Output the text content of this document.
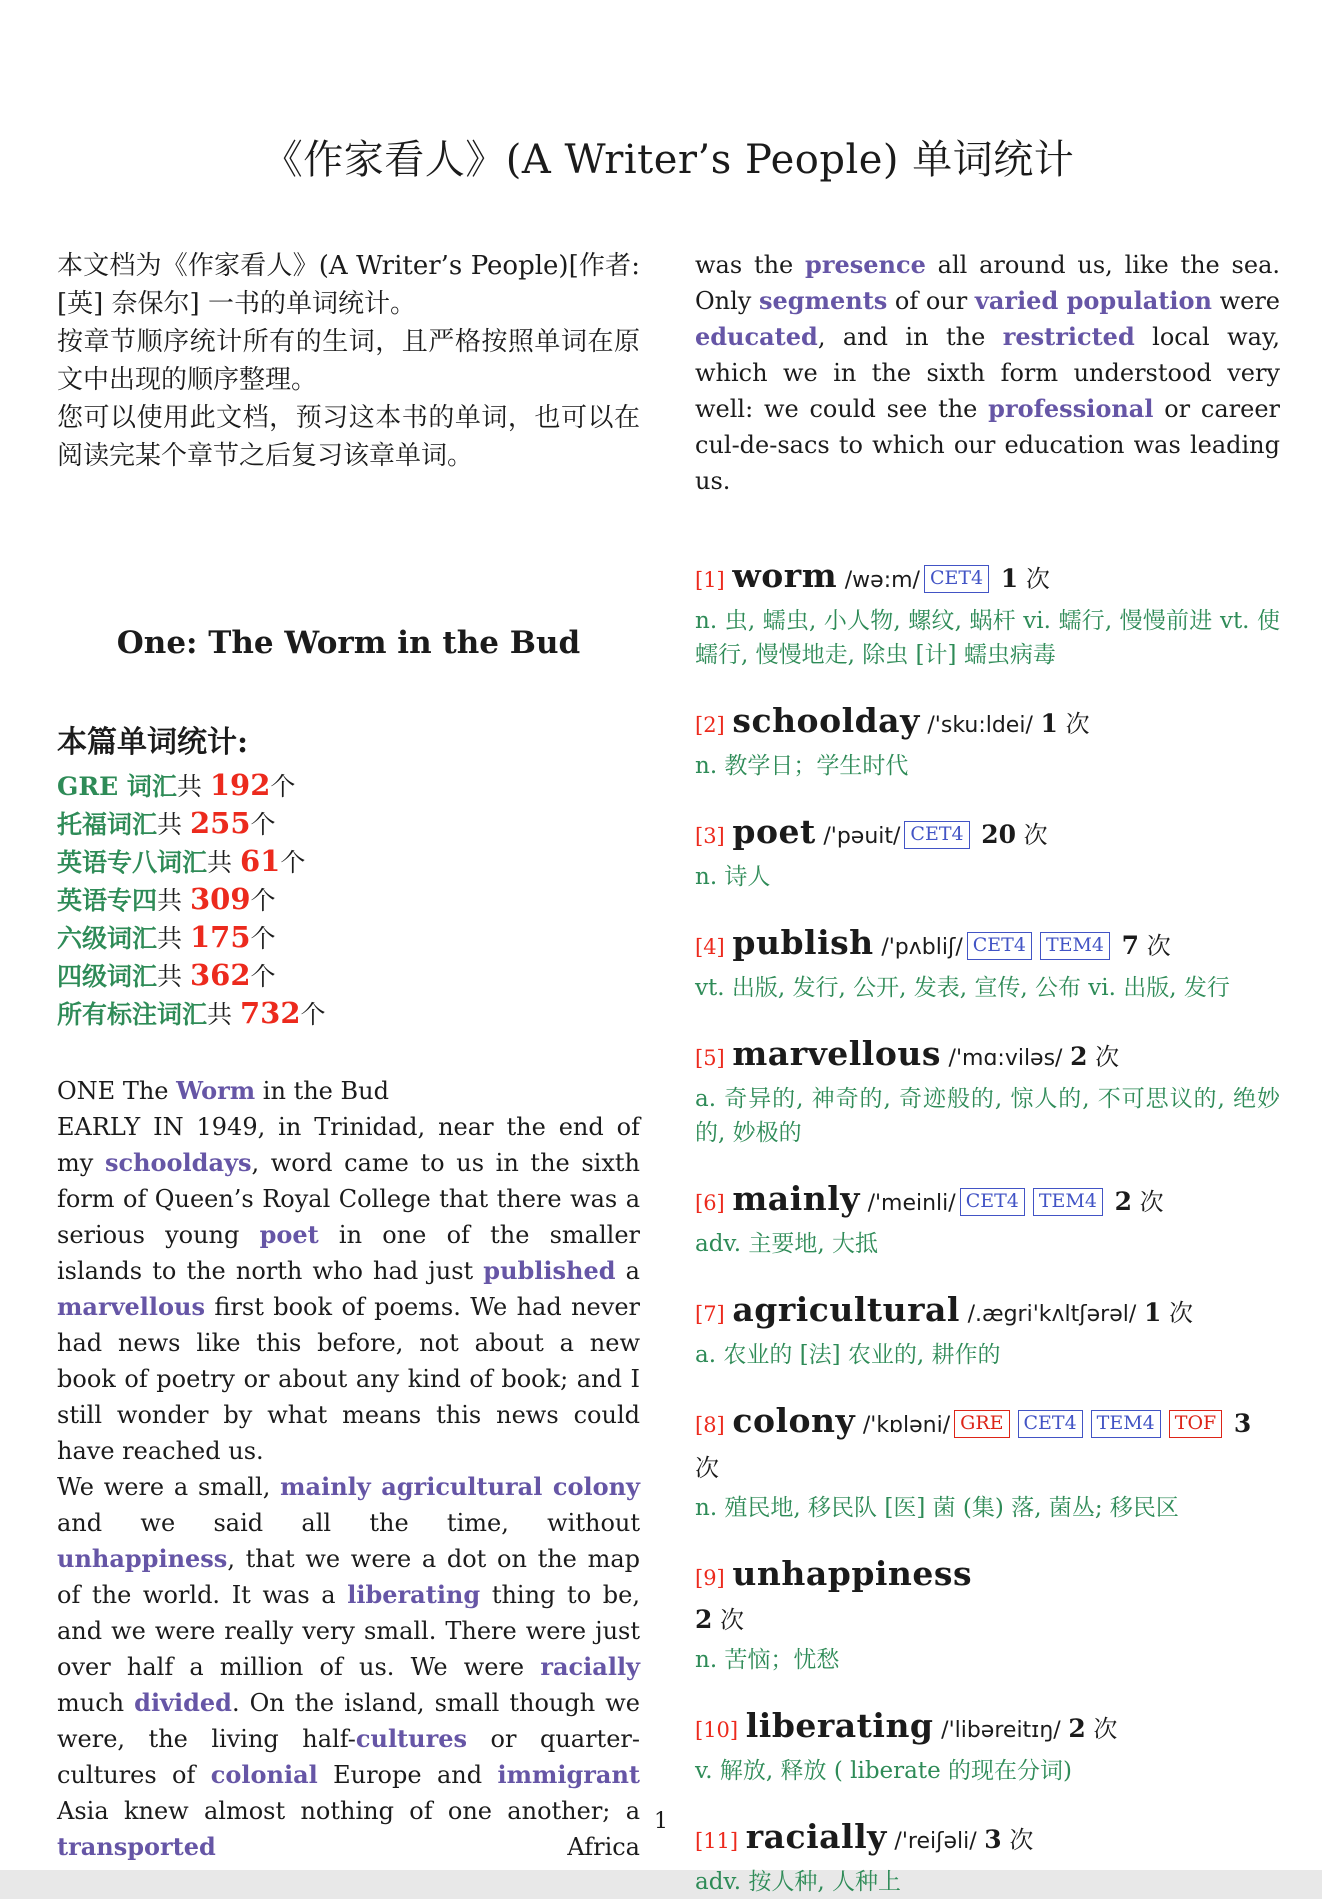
《作家看人》(A Writer’s People) 单词统计

本文档为《作家看人》(A Writer’s People)[作者: [英] 奈保尔] 一书的单词统计。

按章节顺序统计所有的生词，且严格按照单词在原文中出现的顺序整理。

您可以使用此文档，预习这本书的单词，也可以在阅读完某个章节之后复习该章单词。

One: The Worm in the Bud
本篇单词统计:
GRE 词汇共 192个
托福词汇共 255个
英语专八词汇共 61个
英语专四共 309个
六级词汇共 175个
四级词汇共 362个
所有标注词汇共 732个

ONE The Worm in the Bud

EARLY IN 1949, in Trinidad, near the end of my schooldays, word came to us in the sixth form of Queen’s Royal College that there was a serious young poet in one of the smaller islands to the north who had just published a marvellous first book of poems. We had never had news like this before, not about a new book of poetry or about any kind of book; and I still wonder by what means this news could have reached us.

We were a small, mainly agricultural colony and we said all the time, without unhappiness, that we were a dot on the map of the world. It was a liberating thing to be, and we were really very small. There were just over half a million of us. We were racially much divided. On the island, small though we were, the living half-cultures or quarter-cultures of colonial Europe and immigrant Asia knew almost nothing of one another; a transported Africa

was the presence all around us, like the sea. Only segments of our varied population were educated, and in the restricted local way, which we in the sixth form understood very well: we could see the professional or career cul-de-sacs to which our education was leading us.

[1] worm /wə:m/ CET4 1 次
n. 虫, 蠕虫, 小人物, 螺纹, 蜗杆 vi. 蠕行, 慢慢前进 vt. 使蠕行, 慢慢地走, 除虫 [计] 蠕虫病毒
[2] schoolday /'sku:ldei/ 1 次
n. 教学日；学生时代
[3] poet /'pəuit/ CET4 20 次
n. 诗人
[4] publish /'pʌbliʃ/ CET4 TEM4 7 次
vt. 出版, 发行, 公开, 发表, 宣传, 公布 vi. 出版, 发行
[5] marvellous /'mɑ:viləs/ 2 次
a. 奇异的, 神奇的, 奇迹般的, 惊人的, 不可思议的, 绝妙的, 妙极的
[6] mainly /'meinli/ CET4 TEM4 2 次
adv. 主要地, 大抵
[7] agricultural /.ægri'kʌltʃərəl/ 1 次
a. 农业的 [法] 农业的, 耕作的
[8] colony /'kɒləni/ GRE CET4 TEM4 TOF 3 次
n. 殖民地, 移民队 [医] 菌 (集) 落, 菌丛; 移民区
[9] unhappiness
2 次
n. 苦恼；忧愁
[10] liberating /'libəreitɪŋ/ 2 次
v. 解放, 释放 ( liberate 的现在分词)
[11] racially /'reiʃəli/ 3 次
adv. 按人种, 人种上
1
